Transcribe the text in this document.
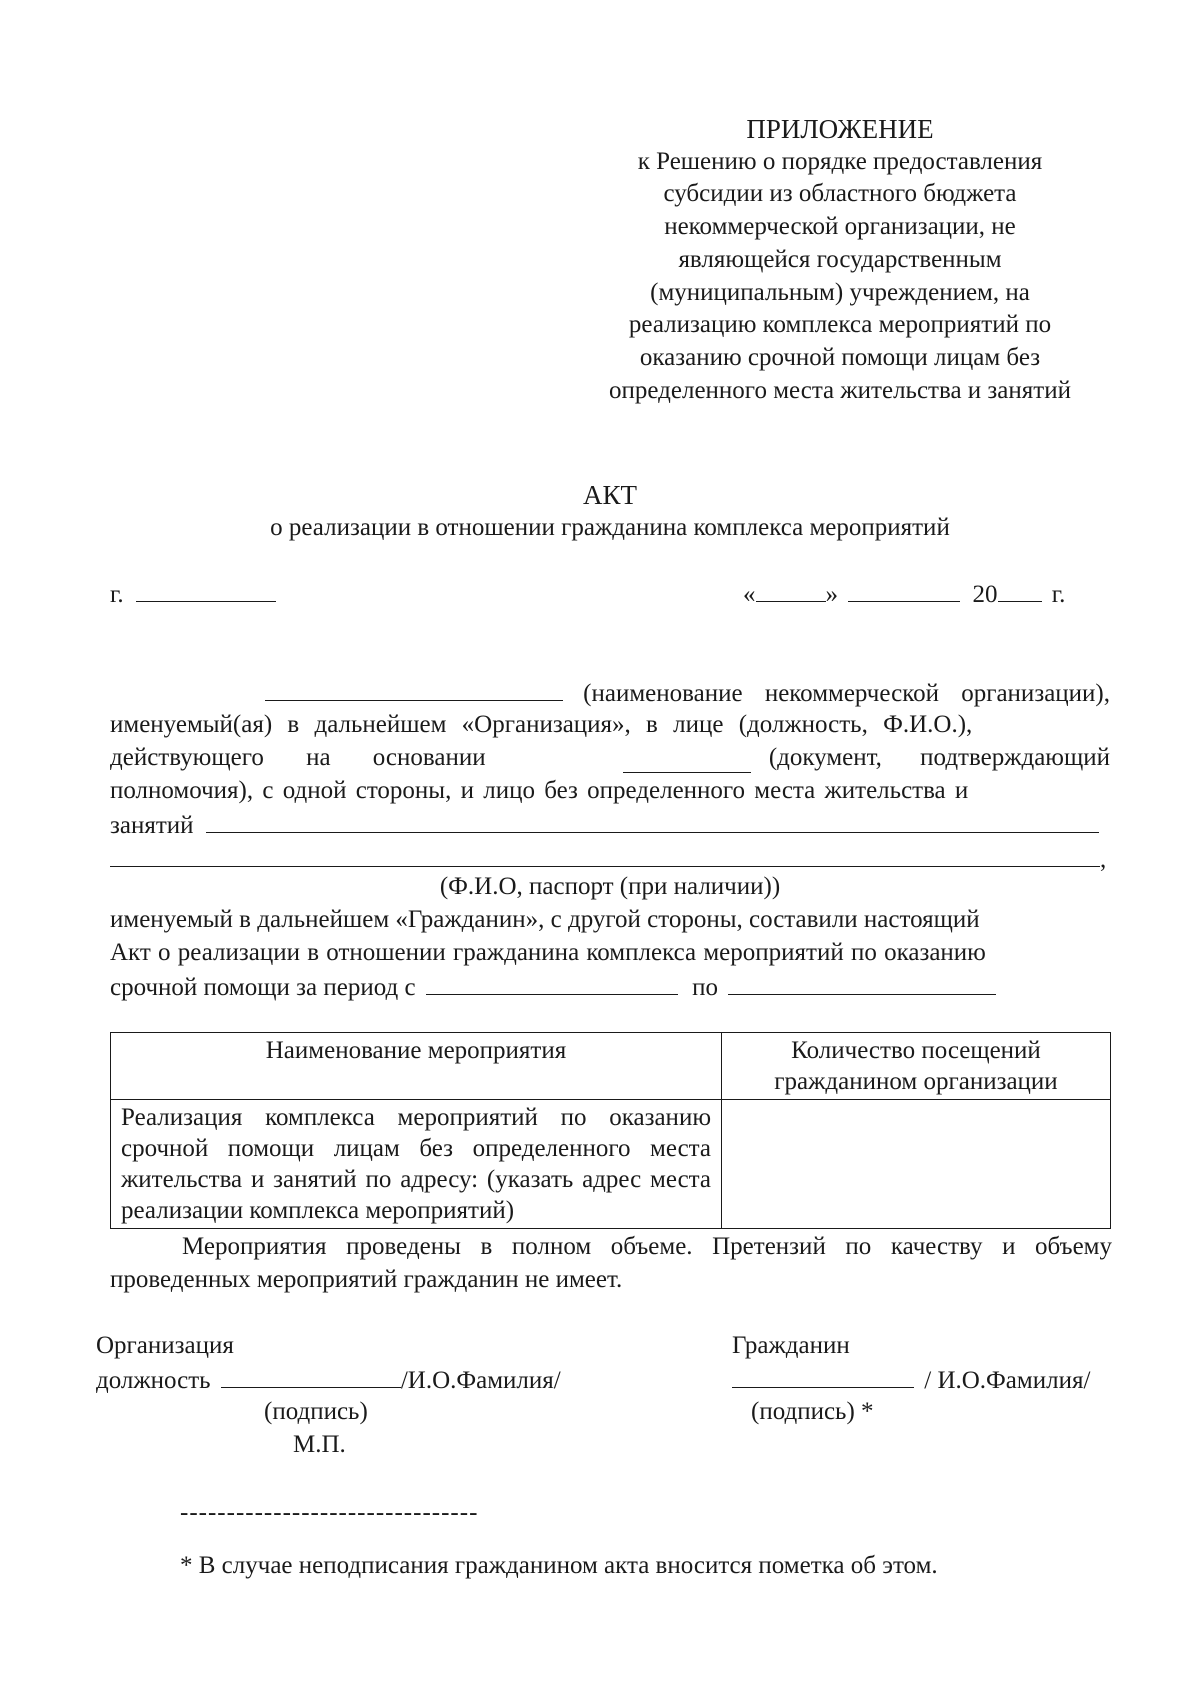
ПРИЛОЖЕНИЕ
к Решению о порядке предоставления
субсидии из областного бюджета
некоммерческой организации, не
являющейся государственным
(муниципальным) учреждением, на
реализацию комплекса мероприятий по
оказанию срочной помощи лицам без
определенного места жительства и занятий
АКТ
о реализации в отношении гражданина комплекса мероприятий
г.	«	»	20 г.
(наименование некоммерческой организации),
именуемый(ая) в дальнейшем «Организация», в лице (должность, Ф.И.О.),
действующего на основании	(документ, подтверждающий
полномочия), с одной стороны, и лицо без определенного места жительства и
занятий
,
(Ф.И.О, паспорт (при наличии))
именуемый в дальнейшем «Гражданин», с другой стороны, составили настоящий
Акт о реализации в отношении гражданина комплекса мероприятий по оказанию
срочной помощи за период с	по
Наименование мероприятия	Количество посещений гражданином организации
Реализация комплекса мероприятий по оказанию срочной помощи лицам без определенного места жительства и занятий по адресу: (указать адрес места реализации комплекса мероприятий)	
Мероприятия проведены в полном объеме. Претензий по качеству и объему проведенных мероприятий гражданин не имеет.
Организация
должность	/И.О.Фамилия/
(подпись)
М.П.
Гражданин
/ И.О.Фамилия/
(подпись) *
--------------------------------
* В случае неподписания гражданином акта вносится пометка об этом.
